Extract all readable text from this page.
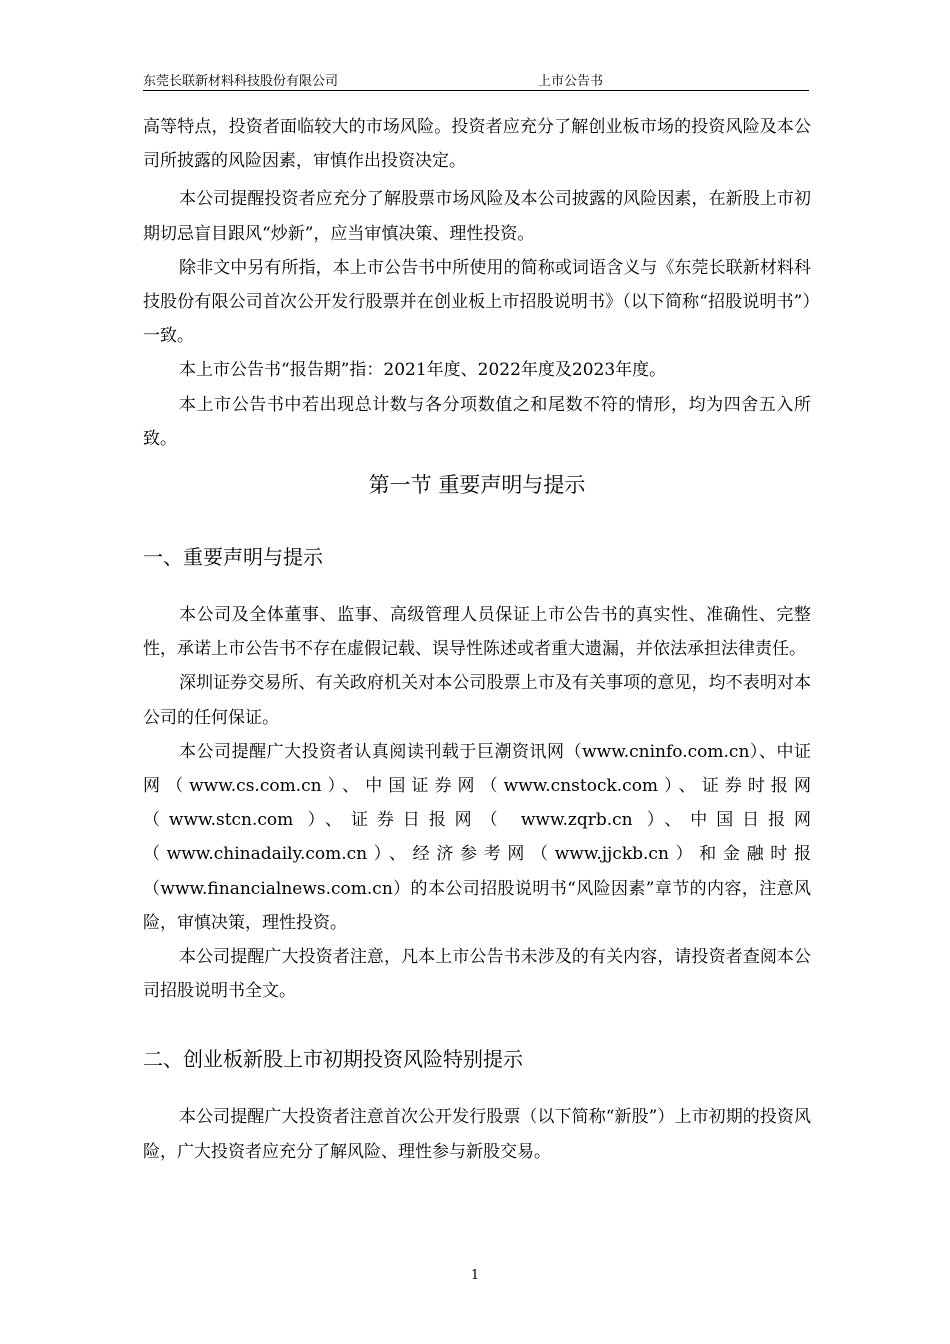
东莞长联新材料科技股份有限公司	上市公告书

高等特点，投资者面临较大的市场风险。投资者应充分了解创业板市场的投资风险及本公司所披露的风险因素，审慎作出投资决定。

本公司提醒投资者应充分了解股票市场风险及本公司披露的风险因素，在新股上市初期切忌盲目跟风“炒新”，应当审慎决策、理性投资。

除非文中另有所指，本上市公告书中所使用的简称或词语含义与《东莞长联新材料科技股份有限公司首次公开发行股票并在创业板上市招股说明书》（以下简称“招股说明书”）一致。

本上市公告书“报告期”指：2021年度、2022年度及2023年度。

本上市公告书中若出现总计数与各分项数值之和尾数不符的情形，均为四舍五入所致。

第一节 重要声明与提示
一、重要声明与提示

本公司及全体董事、监事、高级管理人员保证上市公告书的真实性、准确性、完整性，承诺上市公告书不存在虚假记载、误导性陈述或者重大遗漏，并依法承担法律责任。

深圳证券交易所、有关政府机关对本公司股票上市及有关事项的意见，均不表明对本公司的任何保证。

本公司提醒广大投资者认真阅读刊载于巨潮资讯网（www.cninfo.com.cn）、中证网（www.cs.com.cn）、中国证券网（www.cnstock.com）、证券时报网（www.stcn.com ）、证券日报网（ www.zqrb.cn ）、中国日报网（www.chinadaily.com.cn）、经济参考网（www.jjckb.cn）和金融时报（www.financialnews.com.cn）的本公司招股说明书“风险因素”章节的内容，注意风险，审慎决策，理性投资。

本公司提醒广大投资者注意，凡本上市公告书未涉及的有关内容，请投资者查阅本公司招股说明书全文。

二、创业板新股上市初期投资风险特别提示

本公司提醒广大投资者注意首次公开发行股票（以下简称“新股”）上市初期的投资风险，广大投资者应充分了解风险、理性参与新股交易。

1
